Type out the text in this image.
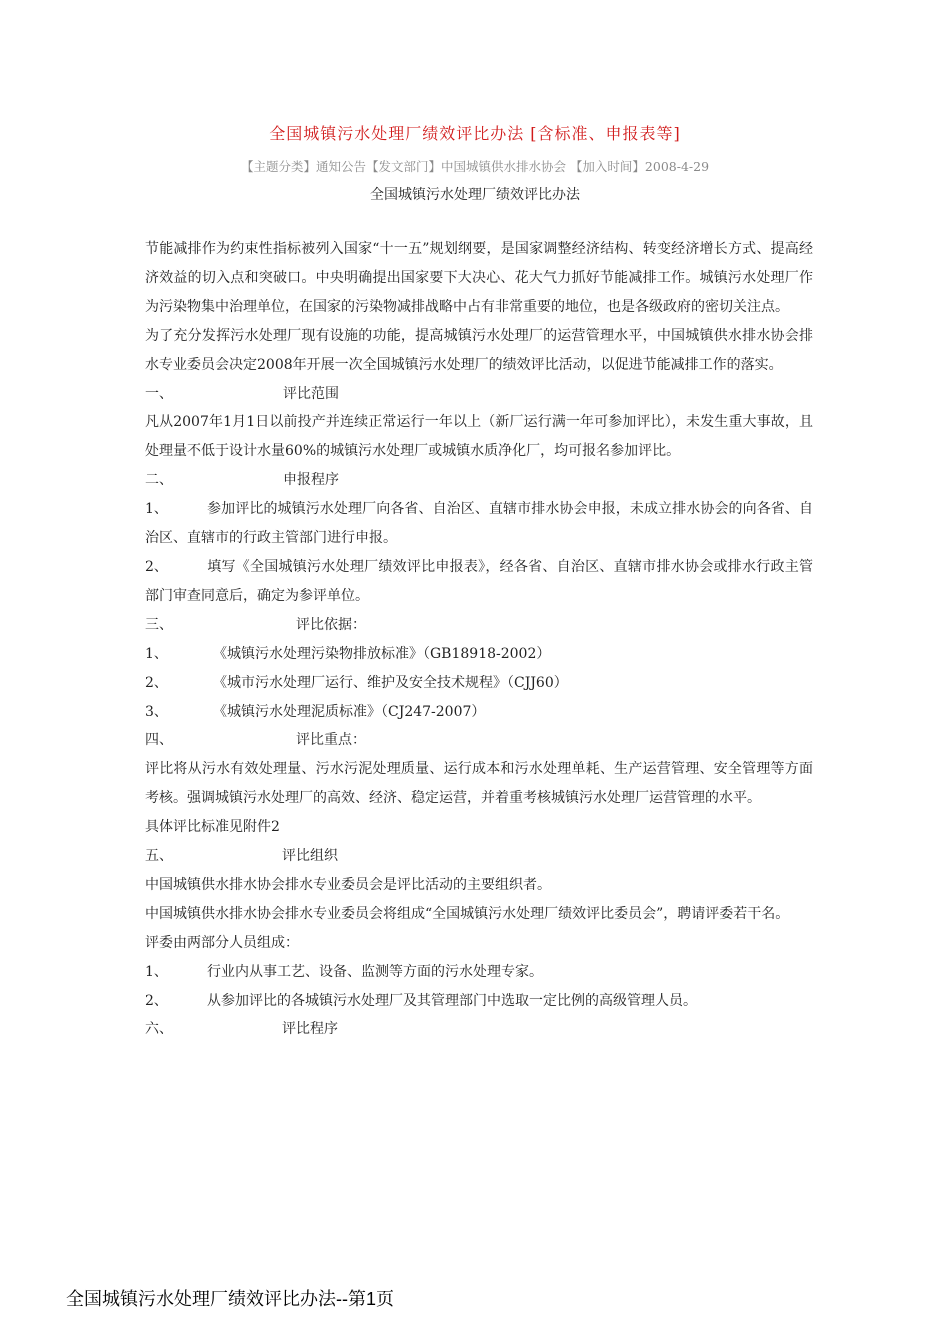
全国城镇污水处理厂绩效评比办法 [含标准、申报表等]
【主题分类】通知公告【发文部门】中国城镇供水排水协会 【加入时间】2008-4-29
全国城镇污水处理厂绩效评比办法

节能减排作为约束性指标被列入国家“十一五”规划纲要，是国家调整经济结构、转变经济增长方式、提高经济效益的切入点和突破口。中央明确提出国家要下大决心、花大气力抓好节能减排工作。城镇污水处理厂作为污染物集中治理单位，在国家的污染物减排战略中占有非常重要的地位，也是各级政府的密切关注点。

为了充分发挥污水处理厂现有设施的功能，提高城镇污水处理厂的运营管理水平，中国城镇供水排水协会排水专业委员会决定2008年开展一次全国城镇污水处理厂的绩效评比活动，以促进节能减排工作的落实。

一、	评比范围

凡从2007年1月1日以前投产并连续正常运行一年以上（新厂运行满一年可参加评比），未发生重大事故，且处理量不低于设计水量60%的城镇污水处理厂或城镇水质净化厂，均可报名参加评比。

二、	申报程序

1、	参加评比的城镇污水处理厂向各省、自治区、直辖市排水协会申报，未成立排水协会的向各省、自治区、直辖市的行政主管部门进行申报。

2、	填写《全国城镇污水处理厂绩效评比申报表》，经各省、自治区、直辖市排水协会或排水行政主管部门审查同意后，确定为参评单位。

三、	评比依据：
1、	《城镇污水处理污染物排放标准》（GB18918-2002）
2、	《城市污水处理厂运行、维护及安全技术规程》（CJJ60）
3、	《城镇污水处理泥质标准》（CJ247-2007）
四、	评比重点：

评比将从污水有效处理量、污水污泥处理质量、运行成本和污水处理单耗、生产运营管理、安全管理等方面考核。强调城镇污水处理厂的高效、经济、稳定运营，并着重考核城镇污水处理厂运营管理的水平。

具体评比标准见附件2

五、	评比组织

中国城镇供水排水协会排水专业委员会是评比活动的主要组织者。

中国城镇供水排水协会排水专业委员会将组成“全国城镇污水处理厂绩效评比委员会”，聘请评委若干名。

评委由两部分人员组成：

1、	行业内从事工艺、设备、监测等方面的污水处理专家。
2、	从参加评比的各城镇污水处理厂及其管理部门中选取一定比例的高级管理人员。
六、	评比程序
全国城镇污水处理厂绩效评比办法--第1页
